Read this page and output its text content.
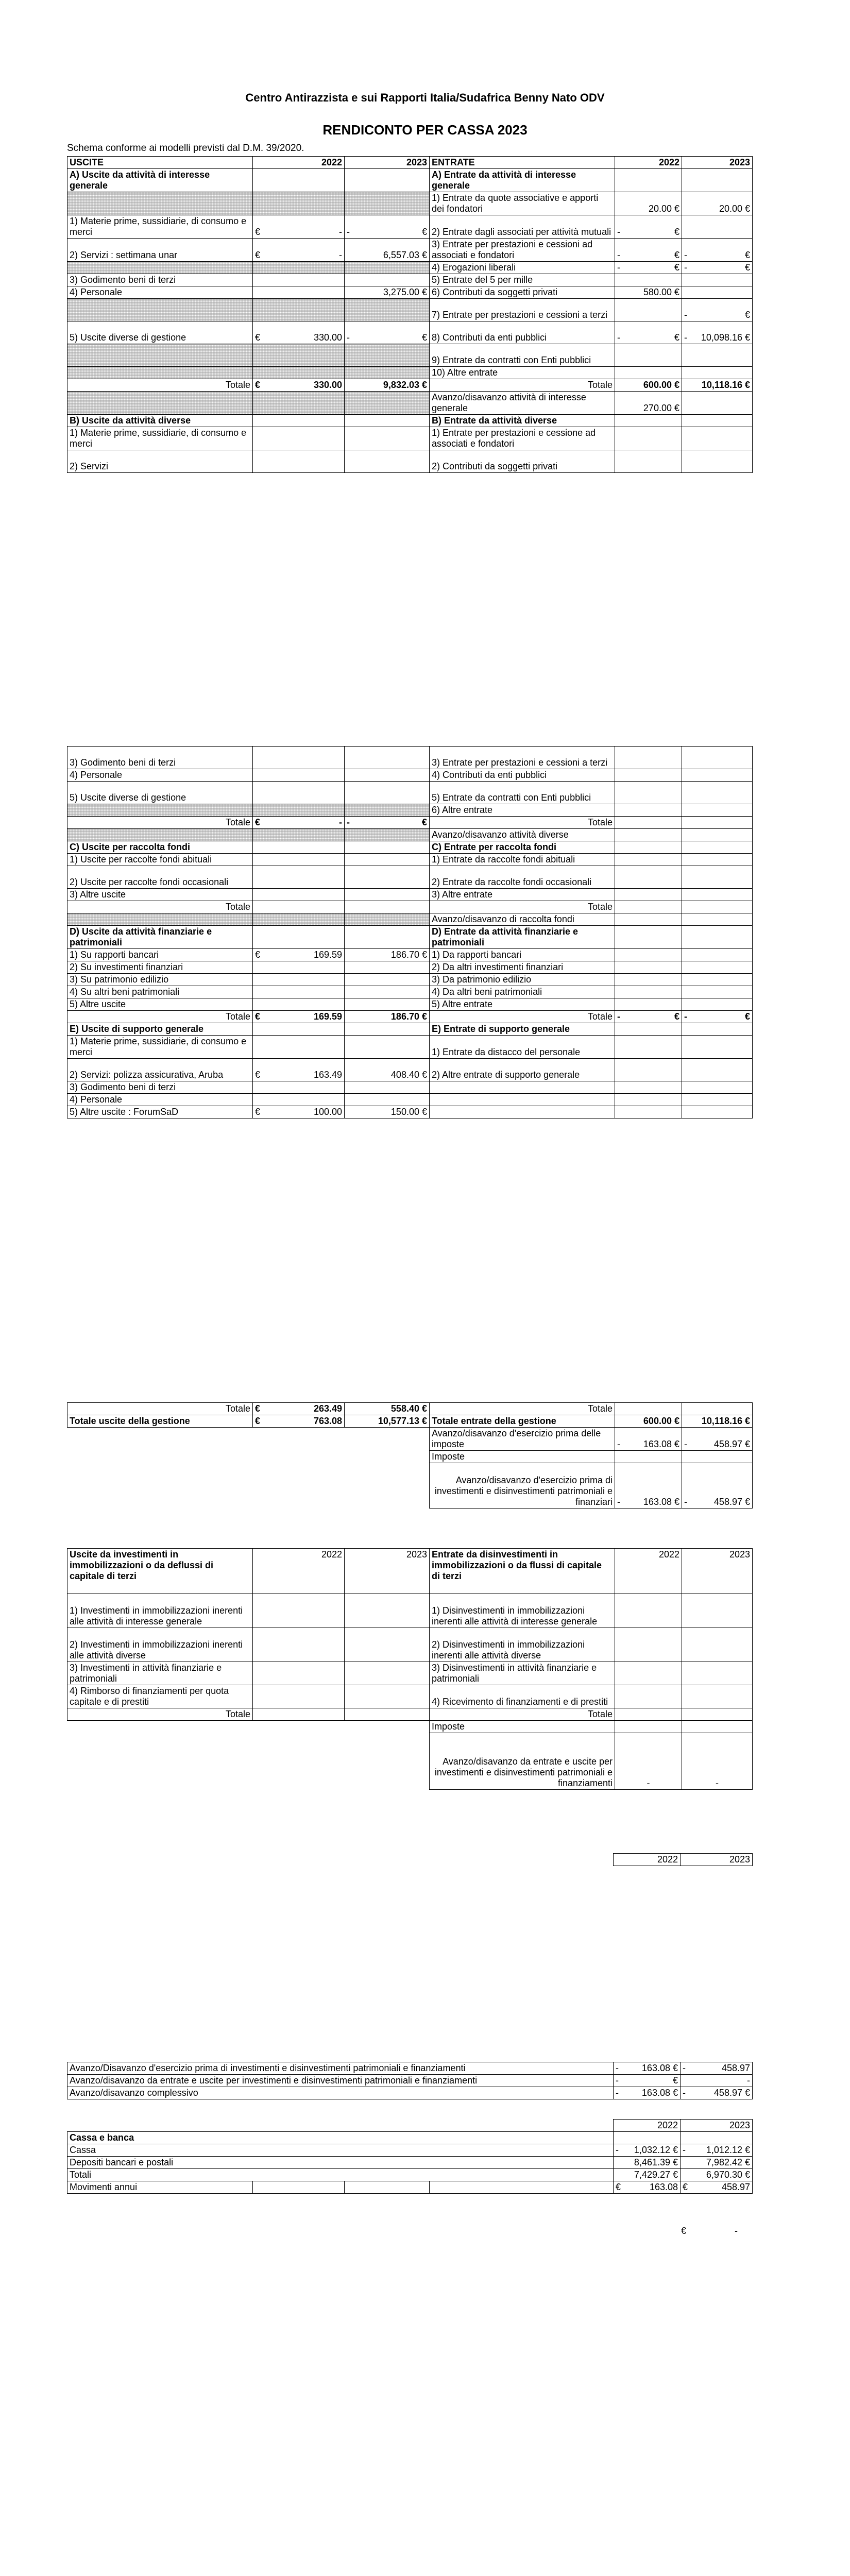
Centro Antirazzista e sui Rapporti Italia/Sudafrica Benny Nato ODV
RENDICONTO PER CASSA 2023
Schema conforme ai modelli previsti dal D.M. 39/2020.
USCITE	2022	2023	ENTRATE	2022	2023
A) Uscite da attività di interesse generale			A) Entrate da attività di interesse generale		

	1) Entrate da quote associative e apporti dei fondatori	20.00 €	20.00 €

1) Materie prime, sussidiarie, di consumo e merci	€ -	- €	2) Entrate dagli associati per attività mutuali	- €	

2) Servizi : settimana unar	€ -	6,557.03 €	3) Entrate per prestazioni e cessioni ad associati e fondatori	- €	- €

	4) Erogazioni liberali	- €	- €

3) Godimento beni di terzi			5) Entrate del 5 per mille	

4) Personale		3,275.00 €	6) Contributi da soggetti privati	580.00 €	

	7) Entrate per prestazioni e cessioni a terzi		- €

5) Uscite diverse di gestione	€ 330.00	- €	8) Contributi da enti pubblici	- €	- 10,098.16 €

	9) Entrate da contratti con Enti pubblici	

	10) Altre entrate	

Totale	€ 330.00	9,832.03 €	Totale	600.00 €	10,118.16 €
			Avanzo/disavanzo attività di interesse generale	270.00 €	
B) Uscite da attività diverse			B) Entrate da attività diverse		
1) Materie prime, sussidiarie, di consumo e merci			1) Entrate per prestazioni e cessione ad associati e fondatori	

2) Servizi			2) Contributi da soggetti privati	

3) Godimento beni di terzi			3) Entrate per prestazioni e cessioni a terzi	

4) Personale			4) Contributi da enti pubblici	

5) Uscite diverse di gestione			5) Entrate da contratti con Enti pubblici	

	6) Altre entrate	

Totale	€ -	- €	Totale		
			Avanzo/disavanzo attività diverse		
C) Uscite per raccolta fondi			C) Entrate per raccolta fondi		
1) Uscite per raccolte fondi abituali			1) Entrate da raccolte fondi abituali	

2) Uscite per raccolte fondi occasionali			2) Entrate da raccolte fondi occasionali	

3) Altre uscite			3) Altre entrate	

Totale			Totale		
			Avanzo/disavanzo di raccolta fondi		
D) Uscite da attività finanziarie e patrimoniali			D) Entrate da attività finanziarie e patrimoniali		
1) Su rapporti bancari	€ 169.59	186.70 €	1) Da rapporti bancari	

2) Su investimenti finanziari			2) Da altri investimenti finanziari	

3) Su patrimonio edilizio			3) Da patrimonio edilizio	

4) Su altri beni patrimoniali			4) Da altri beni patrimoniali	

5) Altre uscite			5) Altre entrate	

Totale	€ 169.59	186.70 €	Totale	- €	- €

E) Uscite di supporto generale			E) Entrate di supporto generale		
1) Materie prime, sussidiarie, di consumo e merci			1) Entrate da distacco del personale	

2) Servizi: polizza assicurativa, Aruba	€ 163.49	408.40 €	2) Altre entrate di supporto generale	

3) Godimento beni di terzi	

4) Personale	

5) Altre uscite : ForumSaD	€ 100.00	150.00 €			

Totale	€ 263.49	558.40 €	Totale		
Totale uscite della gestione	€ 763.08	10,577.13 €	Totale entrate della gestione	600.00 €	10,118.16 €
			Avanzo/disavanzo d'esercizio prima delle imposte	- 163.08 €	- 458.97 €

			Imposte		
			Avanzo/disavanzo d'esercizio prima di investimenti e disinvestimenti patrimoniali e finanziari	- 163.08 €	- 458.97 €
Uscite da investimenti in immobilizzazioni o da deflussi di capitale di terzi	2022	2023	Entrate da disinvestimenti in immobilizzazioni o da flussi di capitale di terzi	2022	2023
1) Investimenti in immobilizzazioni inerenti alle attività di interesse generale			1) Disinvestimenti in immobilizzazioni inerenti alle attività di interesse generale	

2) Investimenti in immobilizzazioni inerenti alle attività diverse			2) Disinvestimenti in immobilizzazioni inerenti alle attività diverse	

3) Investimenti in attività finanziarie e patrimoniali			3) Disinvestimenti in attività finanziarie e patrimoniali	

4) Rimborso di finanziamenti per quota capitale e di prestiti			4) Ricevimento di finanziamenti e di prestiti	

Totale			Totale		
			Imposte		
			Avanzo/disavanzo da entrate e uscite per investimenti e disinvestimenti patrimoniali e finanziamenti	-	-
2022	2023
Avanzo/Disavanzo d'esercizio prima di investimenti e disinvestimenti patrimoniali e finanziamenti	- 163.08 €	- 458.97

Avanzo/disavanzo da entrate e uscite per investimenti e disinvestimenti patrimoniali e finanziamenti	- €	-

Avanzo/disavanzo complessivo	- 163.08 €	- 458.97 €
				2022	2023
Cassa e banca					
Cassa				- 1,032.12 €	- 1,012.12 €

Depositi bancari e postali				8,461.39 €	7,982.42 €

Totali				7,429.27 €	6,970.30 €

Movimenti annui				€ 163.08	€ 458.97
€	-
